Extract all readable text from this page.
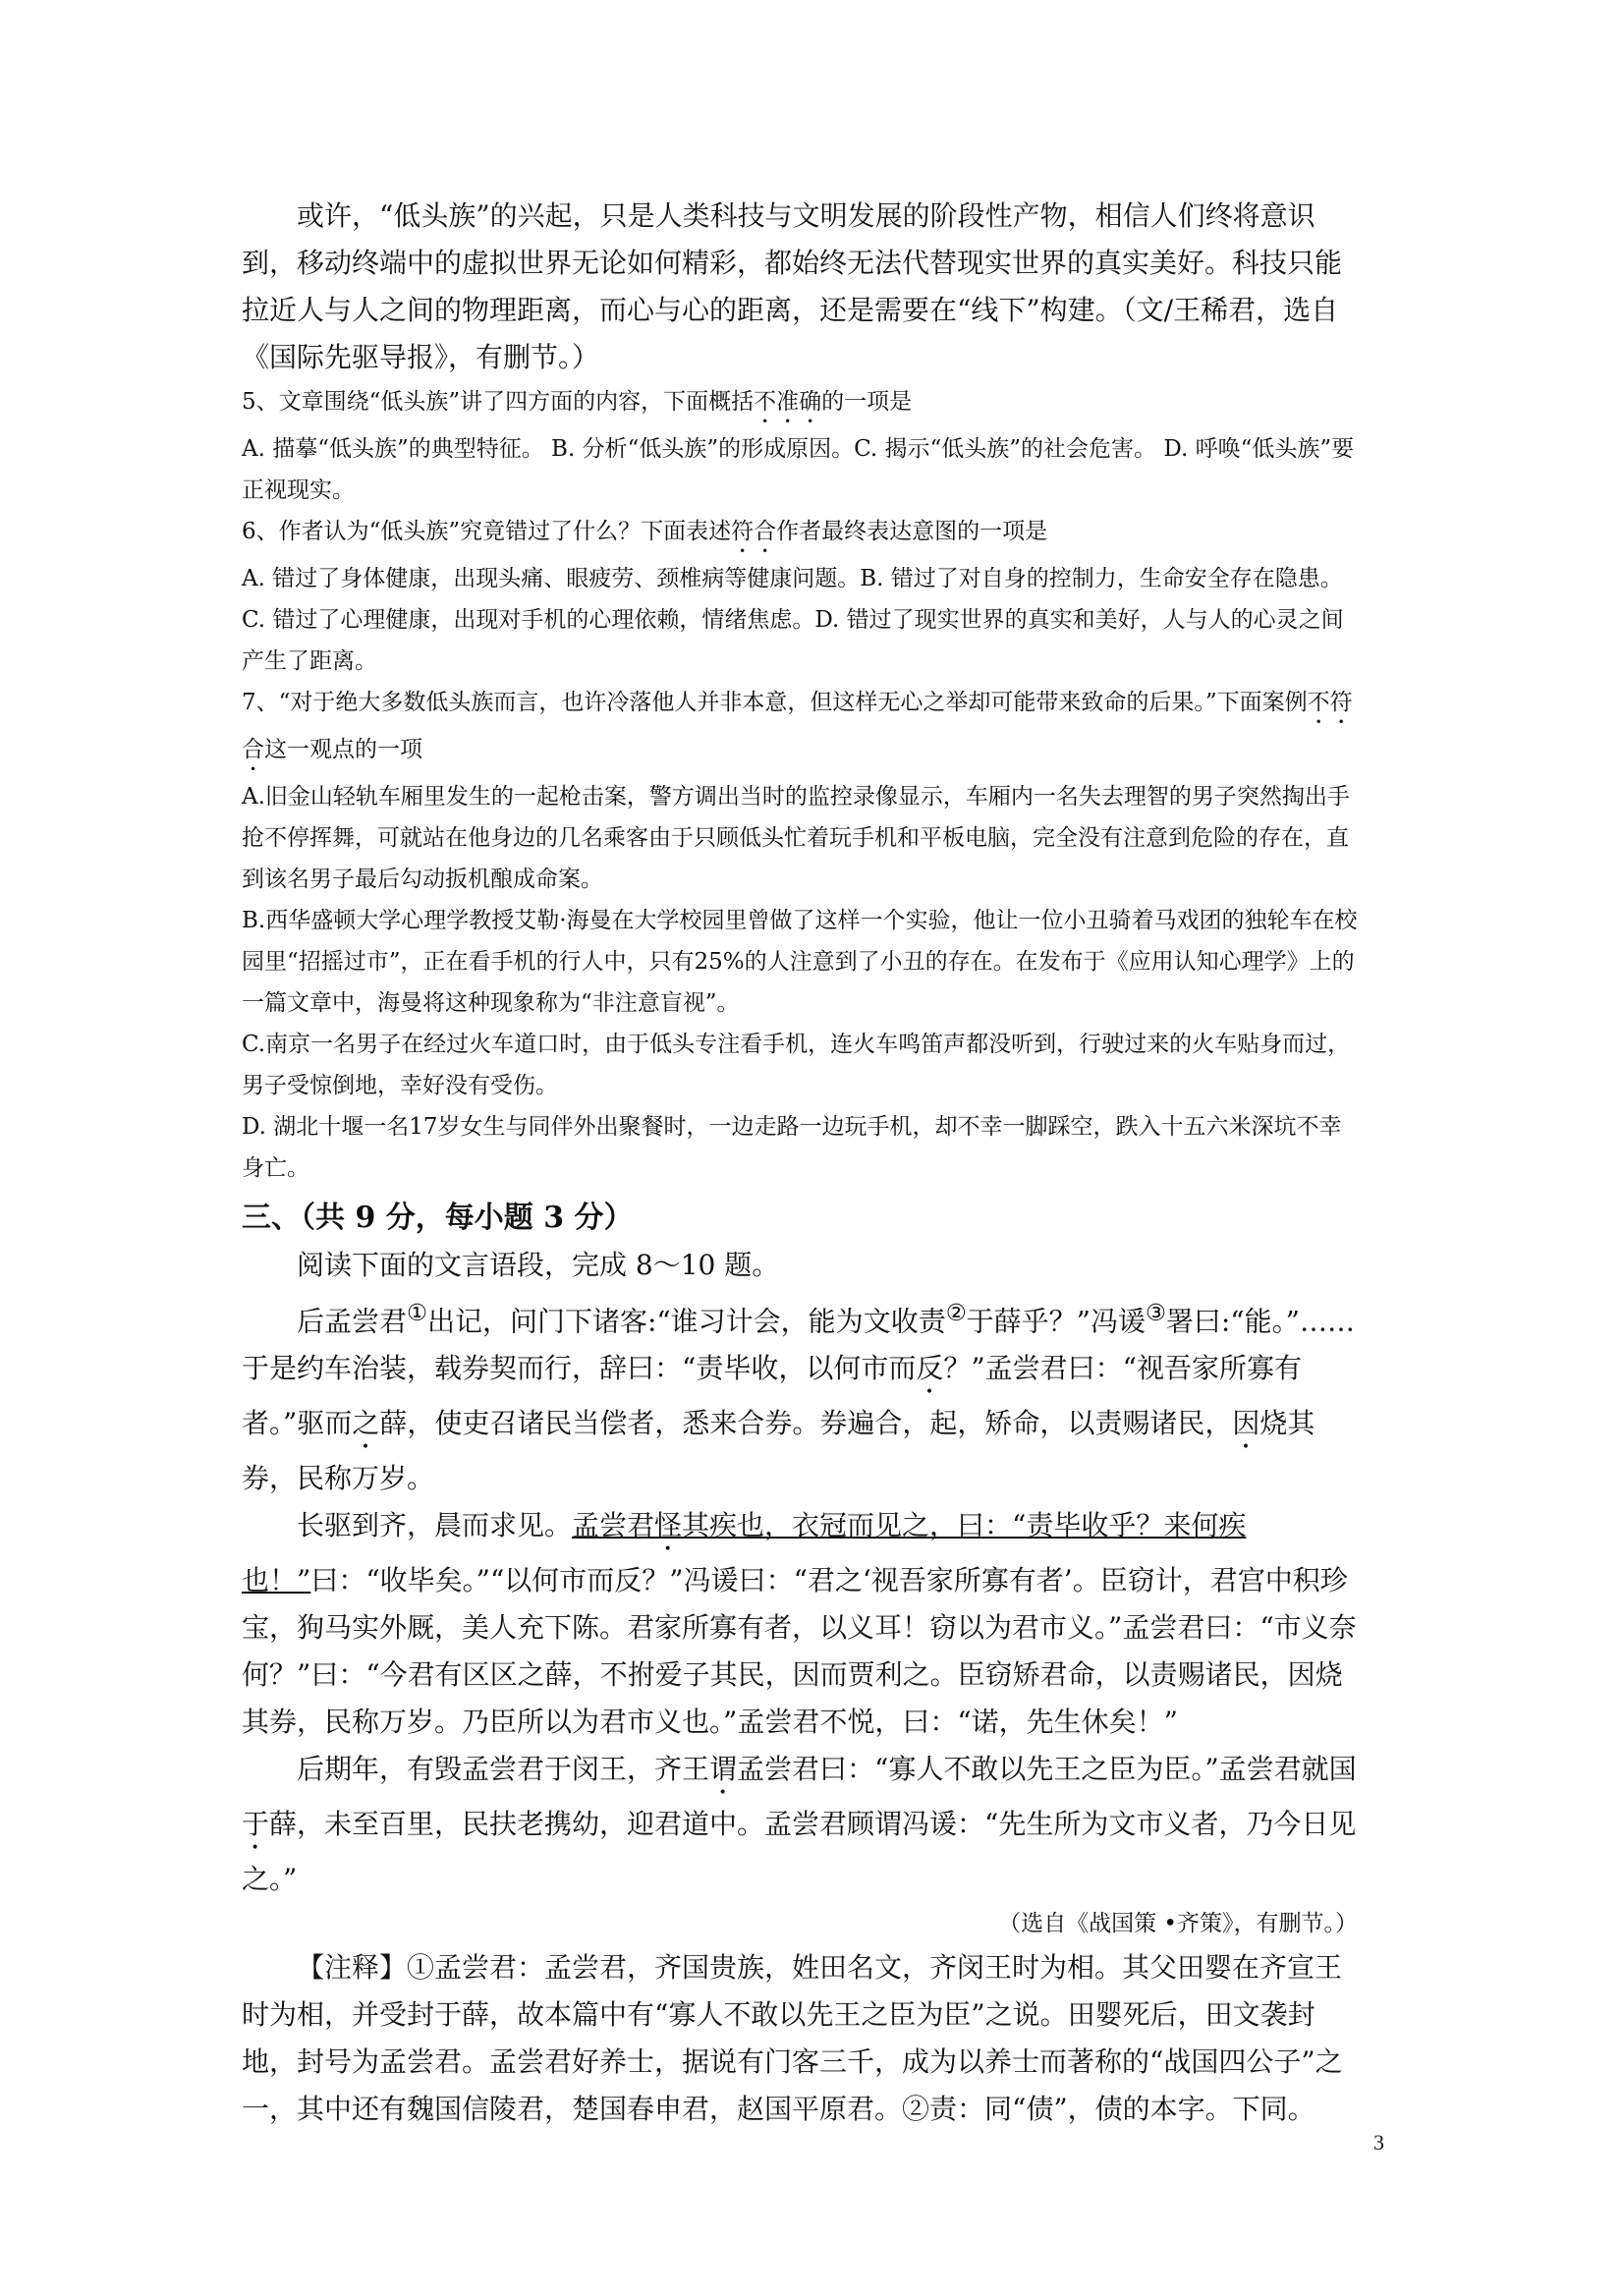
或许，“低头族”的兴起，只是人类科技与文明发展的阶段性产物，相信人们终将意识到，移动终端中的虚拟世界无论如何精彩，都始终无法代替现实世界的真实美好。科技只能拉近人与人之间的物理距离，而心与心的距离，还是需要在“线下”构建。（文/王稀君，选自《国际先驱导报》，有删节。）

5、文章围绕“低头族”讲了四方面的内容，下面概括不准确的一项是

A. 描摹“低头族”的典型特征。 B. 分析“低头族”的形成原因。C. 揭示“低头族”的社会危害。 D. 呼唤“低头族”要正视现实。

6、作者认为“低头族”究竟错过了什么？下面表述符合作者最终表达意图的一项是

A. 错过了身体健康，出现头痛、眼疲劳、颈椎病等健康问题。B. 错过了对自身的控制力，生命安全存在隐患。

C. 错过了心理健康，出现对手机的心理依赖，情绪焦虑。D. 错过了现实世界的真实和美好，人与人的心灵之间产生了距离。

7、“对于绝大多数低头族而言，也许冷落他人并非本意，但这样无心之举却可能带来致命的后果。”下面案例不符合这一观点的一项

A.旧金山轻轨车厢里发生的一起枪击案，警方调出当时的监控录像显示，车厢内一名失去理智的男子突然掏出手抢不停挥舞，可就站在他身边的几名乘客由于只顾低头忙着玩手机和平板电脑，完全没有注意到危险的存在，直到该名男子最后勾动扳机酿成命案。

B.西华盛顿大学心理学教授艾勒·海曼在大学校园里曾做了这样一个实验，他让一位小丑骑着马戏团的独轮车在校园里“招摇过市”，正在看手机的行人中，只有25%的人注意到了小丑的存在。在发布于《应用认知心理学》上的一篇文章中，海曼将这种现象称为“非注意盲视”。

C.南京一名男子在经过火车道口时，由于低头专注看手机，连火车鸣笛声都没听到，行驶过来的火车贴身而过，男子受惊倒地，幸好没有受伤。

D. 湖北十堰一名17岁女生与同伴外出聚餐时，一边走路一边玩手机，却不幸一脚踩空，跌入十五六米深坑不幸身亡。

三、（共 9 分，每小题 3 分）

阅读下面的文言语段，完成 8～10 题。

后孟尝君①出记，问门下诸客:“谁习计会，能为文收责②于薛乎？”冯谖③署曰:“能。”……于是约车治装，载券契而行，辞曰：“责毕收，以何市而反？”孟尝君曰：“视吾家所寡有者。”驱而之薛，使吏召诸民当偿者，悉来合券。券遍合，起，矫命，以责赐诸民，因烧其券，民称万岁。

长驱到齐，晨而求见。孟尝君怪其疾也，衣冠而见之，曰：“责毕收乎？来何疾也！”曰：“收毕矣。”“以何市而反？”冯谖曰：“君之‘视吾家所寡有者’。臣窃计，君宫中积珍宝，狗马实外厩，美人充下陈。君家所寡有者，以义耳！窃以为君市义。”孟尝君曰：“市义奈何？”曰：“今君有区区之薛，不拊爱子其民，因而贾利之。臣窃矫君命，以责赐诸民，因烧其券，民称万岁。乃臣所以为君市义也。”孟尝君不悦，曰：“诺，先生休矣！”

后期年，有毁孟尝君于闵王，齐王谓孟尝君曰：“寡人不敢以先王之臣为臣。”孟尝君就国于薛，未至百里，民扶老携幼，迎君道中。孟尝君顾谓冯谖：“先生所为文市义者，乃今日见之。”

（选自《战国策 •齐策》，有删节。）

【注释】①孟尝君：孟尝君，齐国贵族，姓田名文，齐闵王时为相。其父田婴在齐宣王时为相，并受封于薛，故本篇中有“寡人不敢以先王之臣为臣”之说。田婴死后，田文袭封地，封号为孟尝君。孟尝君好养士，据说有门客三千，成为以养士而著称的“战国四公子”之一，其中还有魏国信陵君，楚国春申君，赵国平原君。②责：同“债”，债的本字。下同。

3
